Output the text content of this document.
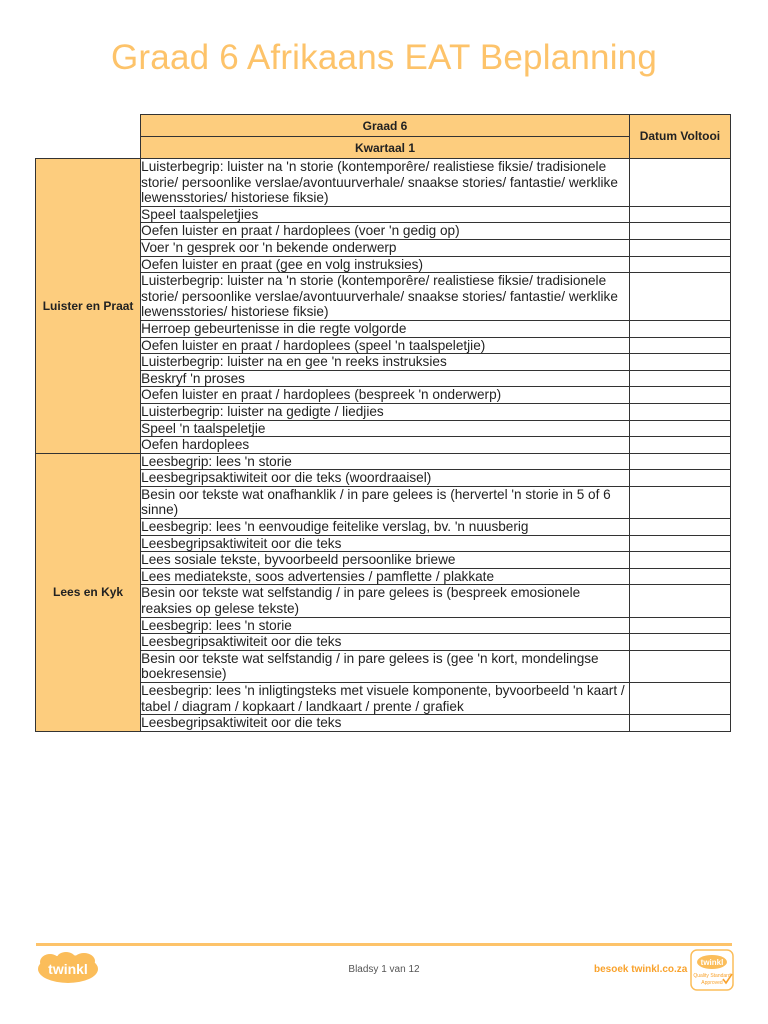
Graad 6 Afrikaans EAT Beplanning
	Graad 6	Datum Voltooi
	Kwartaal 1	
Luister en Praat	Luisterbegrip: luister na 'n storie (kontemporêre/ realistiese fiksie/ tradisionele storie/ persoonlike verslae/avontuurverhale/ snaakse stories/ fantastie/ werklike lewensstories/ historiese fiksie)	
	Speel taalspeletjies	
	Oefen luister en praat / hardoplees (voer 'n gedig op)	
	Voer 'n gesprek oor 'n bekende onderwerp	
	Oefen luister en praat (gee en volg instruksies)	
	Luisterbegrip: luister na 'n storie (kontemporêre/ realistiese fiksie/ tradisionele storie/ persoonlike verslae/avontuurverhale/ snaakse stories/ fantastie/ werklike lewensstories/ historiese fiksie)	
	Herroep gebeurtenisse in die regte volgorde	
	Oefen luister en praat / hardoplees (speel 'n taalspeletjie)	
	Luisterbegrip: luister na en gee 'n reeks instruksies	
	Beskryf 'n proses	
	Oefen luister en praat / hardoplees (bespreek 'n onderwerp)	
	Luisterbegrip: luister na gedigte / liedjies	
	Speel 'n taalspeletjie	
	Oefen hardoplees	
Lees en Kyk	Leesbegrip: lees 'n storie	
	Leesbegripsaktiwiteit oor die teks (woordraaisel)	
	Besin oor tekste wat onafhanklik / in pare gelees is (hervertel 'n storie in 5 of 6 sinne)	
	Leesbegrip: lees 'n eenvoudige feitelike verslag, bv. 'n nuusberig	
	Leesbegripsaktiwiteit oor die teks	
	Lees sosiale tekste, byvoorbeeld persoonlike briewe	
	Lees mediatekste, soos advertensies / pamflette / plakkate	
	Besin oor tekste wat selfstandig / in pare gelees is (bespreek emosionele reaksies op gelese tekste)	
	Leesbegrip: lees 'n storie	
	Leesbegripsaktiwiteit oor die teks	
	Besin oor tekste wat selfstandig / in pare gelees is (gee 'n kort, mondelingse boekresensie)	
	Leesbegrip: lees 'n inligtingsteks met visuele komponente, byvoorbeeld 'n kaart / tabel / diagram / kopkaart / landkaart / prente / grafiek	
	Leesbegripsaktiwiteit oor die teks	
twinkl	Bladsy 1 van 12	besoek twinkl.co.za
twinkl
Quality Standard
Approved
